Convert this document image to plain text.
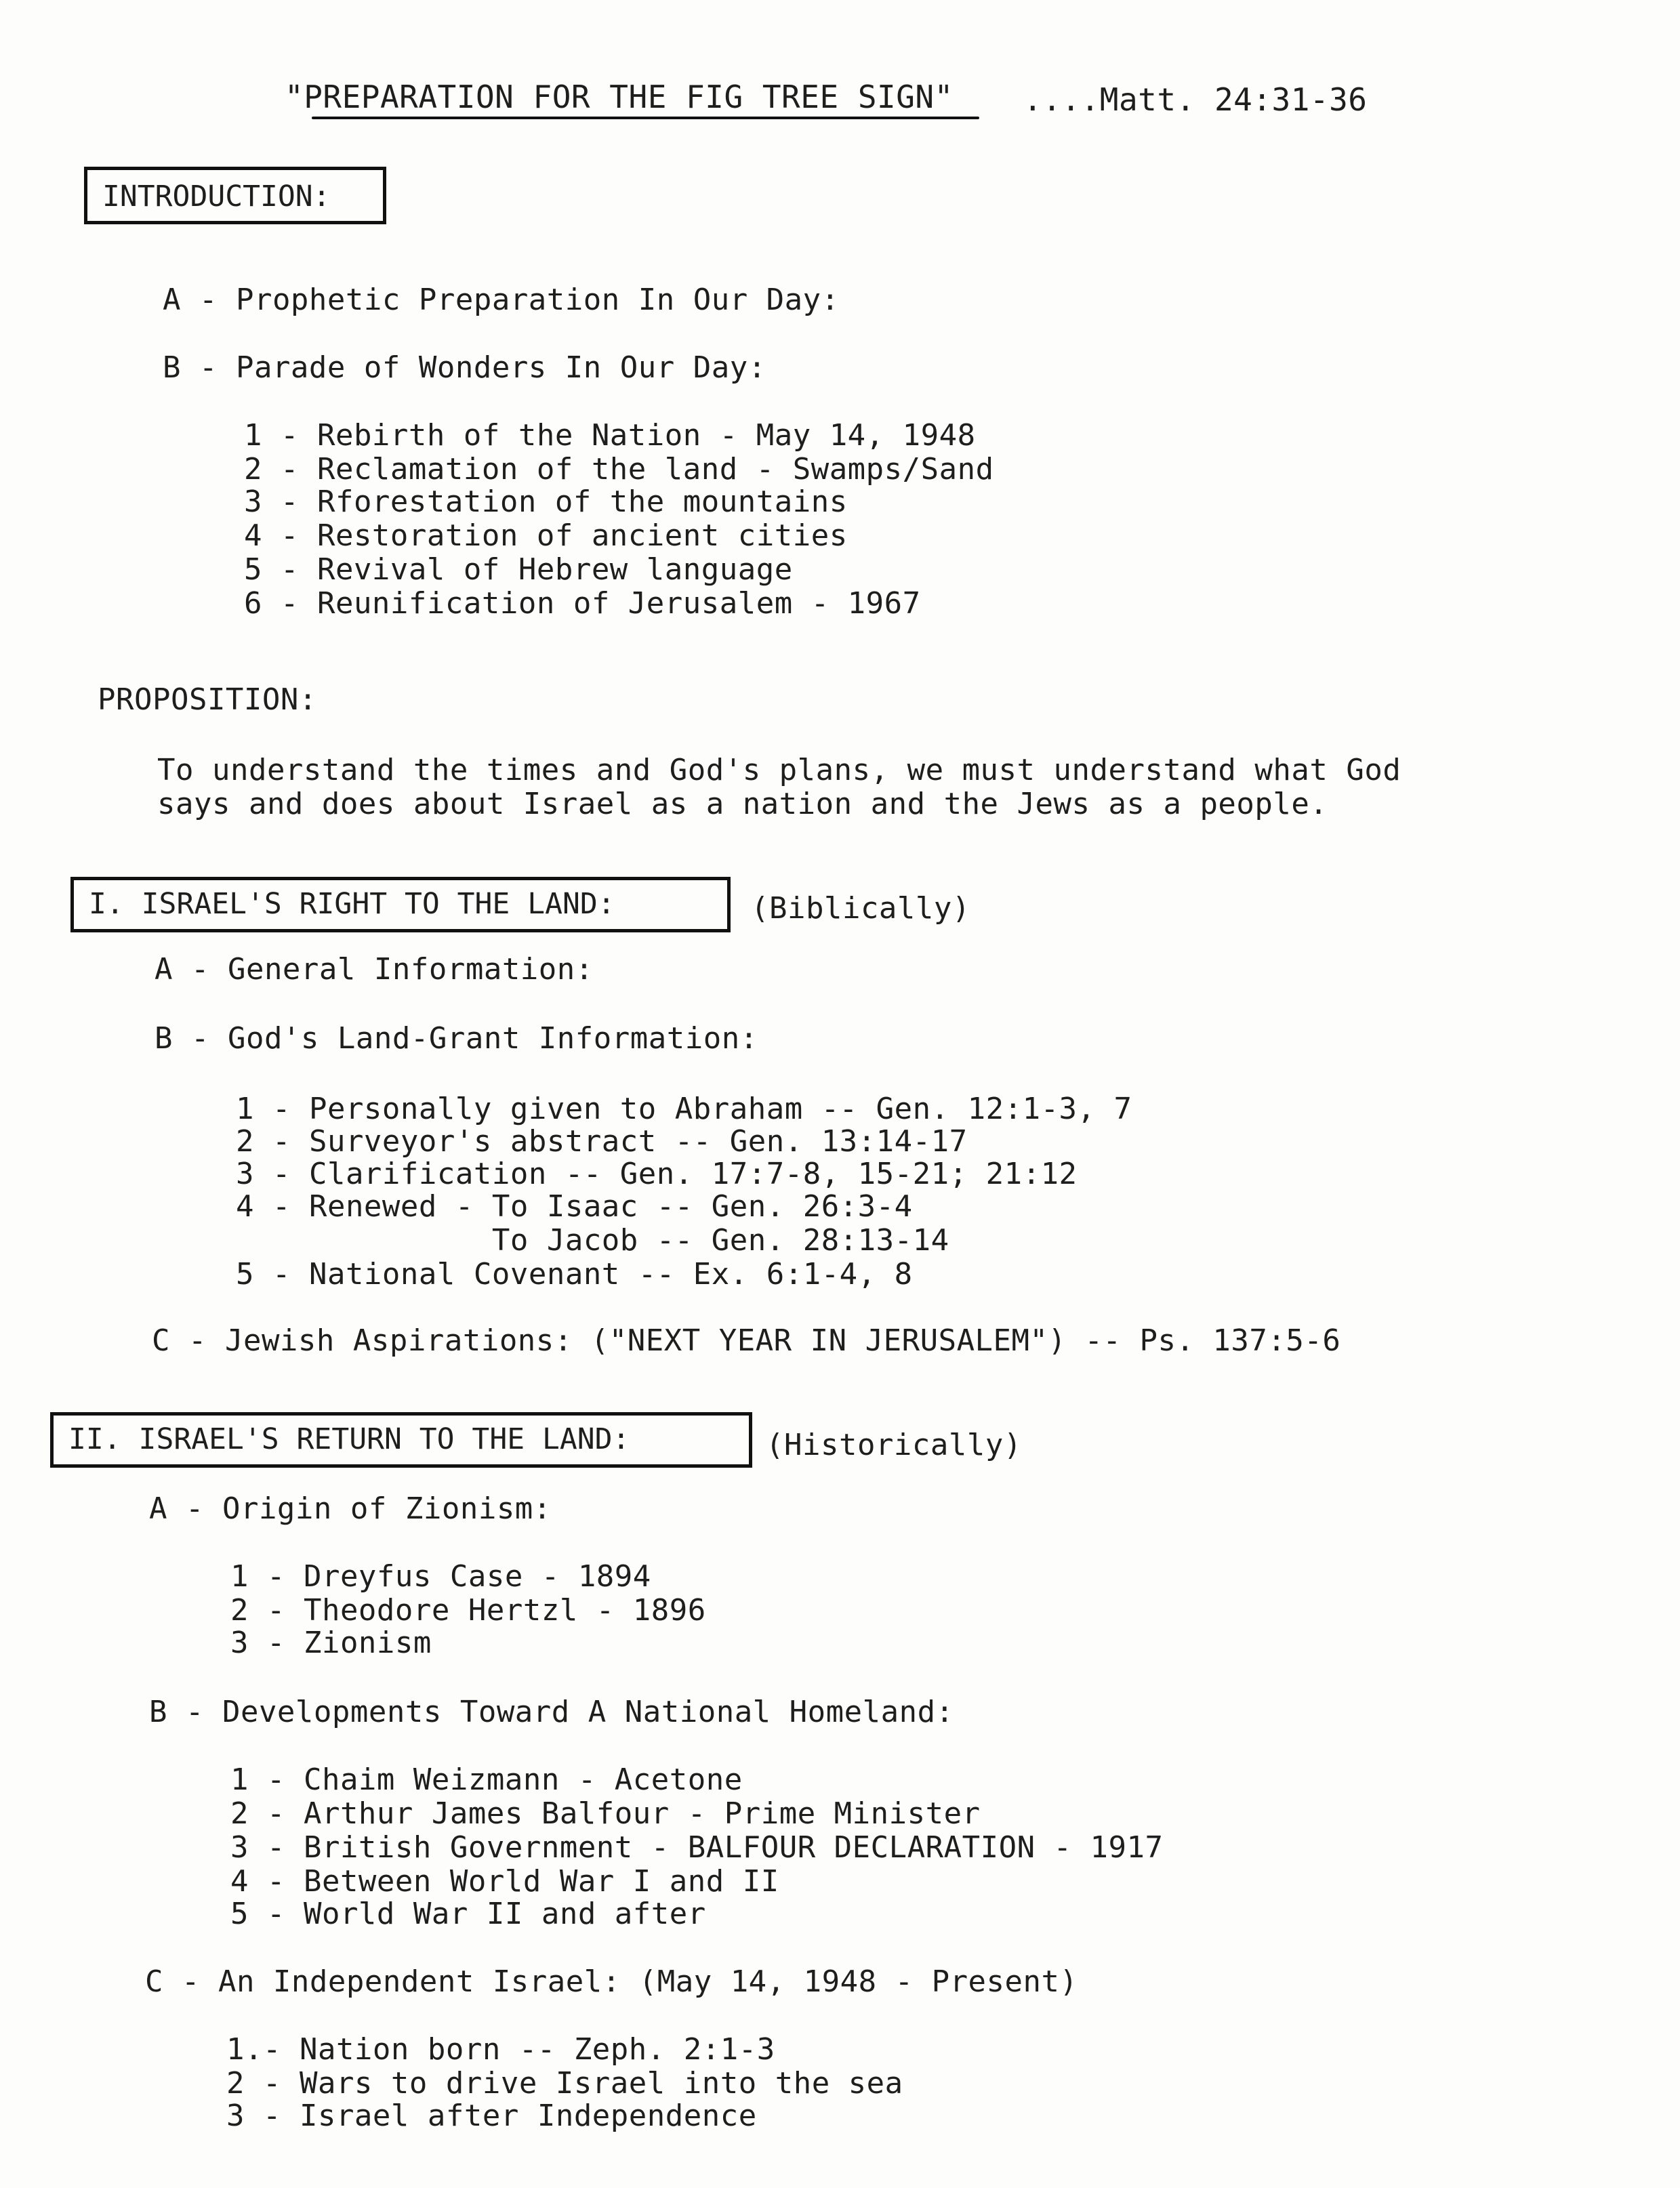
"PREPARATION FOR THE FIG TREE SIGN" ....Matt. 24:31-36
INTRODUCTION:
A - Prophetic Preparation In Our Day:
B - Parade of Wonders In Our Day:
1 - Rebirth of the Nation - May 14, 1948
2 - Reclamation of the land - Swamps/Sand
3 - Rforestation of the mountains
4 - Restoration of ancient cities
5 - Revival of Hebrew language
6 - Reunification of Jerusalem - 1967
PROPOSITION:
To understand the times and God's plans, we must understand what God
says and does about Israel as a nation and the Jews as a people.
I. ISRAEL'S RIGHT TO THE LAND:	(Biblically)
A - General Information:
B - God's Land-Grant Information:
1 - Personally given to Abraham -- Gen. 12:1-3, 7
2 - Surveyor's abstract -- Gen. 13:14-17
3 - Clarification -- Gen. 17:7-8, 15-21; 21:12
4 - Renewed - To Isaac -- Gen. 26:3-4
To Jacob -- Gen. 28:13-14
5 - National Covenant -- Ex. 6:1-4, 8
C - Jewish Aspirations: ("NEXT YEAR IN JERUSALEM") -- Ps. 137:5-6
II. ISRAEL'S RETURN TO THE LAND:	(Historically)
A - Origin of Zionism:
1 - Dreyfus Case - 1894
2 - Theodore Hertzl - 1896
3 - Zionism
B - Developments Toward A National Homeland:
1 - Chaim Weizmann - Acetone
2 - Arthur James Balfour - Prime Minister
3 - British Government - BALFOUR DECLARATION - 1917
4 - Between World War I and II
5 - World War II and after
C - An Independent Israel: (May 14, 1948 - Present)
1.- Nation born -- Zeph. 2:1-3
2 - Wars to drive Israel into the sea
3 - Israel after Independence
